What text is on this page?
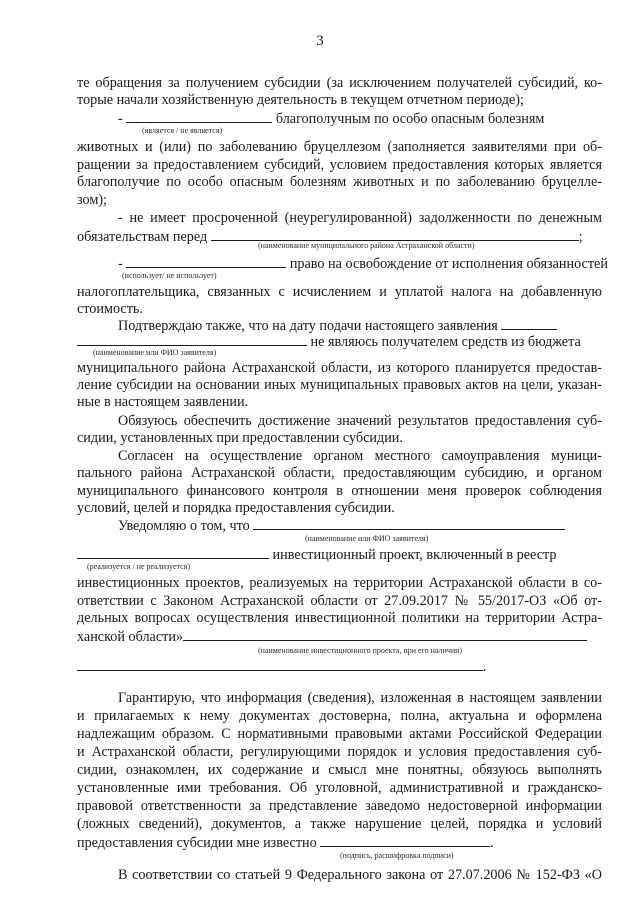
3
те обращения за получением субсидии (за исключением получателей субсидий, ко-
торые начали хозяйственную деятельность в текущем отчетном периоде);
-	благополучным по особо опасным болезням
(является / не является)
животных и (или) по заболеванию бруцеллезом (заполняется заявителями при об-
ращении за предоставлением субсидий, условием предоставления которых является
благополучие по особо опасным болезням животных и по заболеванию бруцелле-
зом);
- не имеет просроченной (неурегулированной) задолженности по денежным
обязательствам перед	;
(наименование муниципального района Астраханской области)
-	право на освобождение от исполнения обязанностей
(использует/ не использует)
налогоплательщика, связанных с исчислением и уплатой налога на добавленную
стоимость.
Подтверждаю также, что на дату подачи настоящего заявления
не являюсь получателем средств из бюджета
(наименование или ФИО заявителя)
муниципального района Астраханской области, из которого планируется предостав-
ление субсидии на основании иных муниципальных правовых актов на цели, указан-
ные в настоящем заявлении.
Обязуюсь обеспечить достижение значений результатов предоставления суб-
сидии, установленных при предоставлении субсидии.
Согласен на осуществление органом местного самоуправления муници-
пального района Астраханской области, предоставляющим субсидию, и органом
муниципального финансового контроля в отношении меня проверок соблюдения
условий, целей и порядка предоставления субсидии.
Уведомляю о том, что
(наименование или ФИО заявителя)
инвестиционный проект, включенный в реестр
(реализуется / не реализуется)
инвестиционных проектов, реализуемых на территории Астраханской области в со-
ответствии с Законом Астраханской области от 27.09.2017 № 55/2017-ОЗ «Об от-
дельных вопросах осуществления инвестиционной политики на территории Астра-
ханской области»
(наименование инвестиционного проекта, при его наличии)
.
Гарантирую, что информация (сведения), изложенная в настоящем заявлении
и прилагаемых к нему документах достоверна, полна, актуальна и оформлена
надлежащим образом. С нормативными правовыми актами Российской Федерации
и Астраханской области, регулирующими порядок и условия предоставления суб-
сидии, ознакомлен, их содержание и смысл мне понятны, обязуюсь выполнять
установленные ими требования. Об уголовной, административной и гражданско-
правовой ответственности за представление заведомо недостоверной информации
(ложных сведений), документов, а также нарушение целей, порядка и условий
предоставления субсидии мне известно	.
(подпись, расшифровка подписи)
В соответствии со статьей 9 Федерального закона от 27.07.2006 № 152-ФЗ «О
